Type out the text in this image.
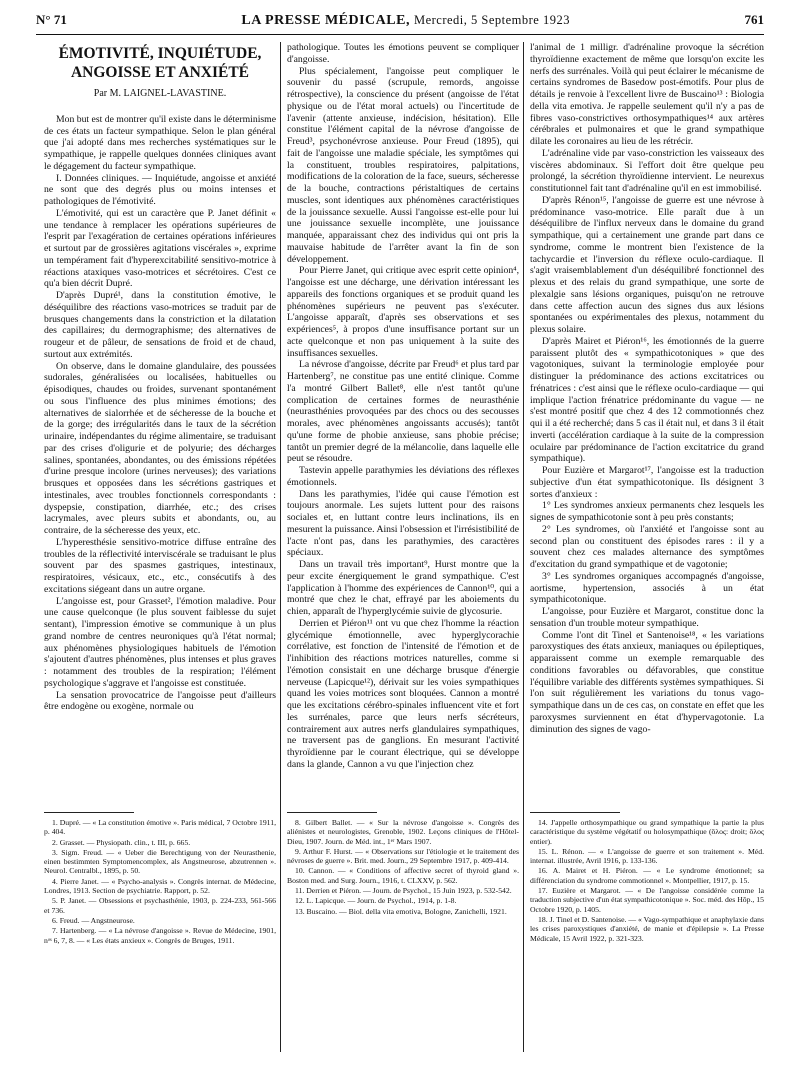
N° 71	LA PRESSE MÉDICALE, Mercredi, 5 Septembre 1923	761
ÉMOTIVITÉ, INQUIÉTUDE,
ANGOISSE ET ANXIÉTÉ
Par M. LAIGNEL-LAVASTINE.

Mon but est de montrer qu'il existe dans le déterminisme de ces états un facteur sympathique. Selon le plan général que j'ai adopté dans mes recherches systématiques sur le sympathique, je rappelle quelques données cliniques avant le dégagement du facteur sympathique.

I. Données cliniques. — Inquiétude, angoisse et anxiété ne sont que des degrés plus ou moins intenses et pathologiques de l'émotivité.

L'émotivité, qui est un caractère que P. Janet définit « une tendance à remplacer les opérations supérieures de l'esprit par l'exagération de certaines opérations inférieures et surtout par de grossières agitations viscérales », exprime un tempérament fait d'hyperexcitabilité sensitivo-motrice à réactions ataxiques vaso-motrices et sécrétoires. C'est ce qu'a bien décrit Dupré.

D'après Dupré¹, dans la constitution émotive, le déséquilibre des réactions vaso-motrices se traduit par de brusques changements dans la constriction et la dilatation des capillaires; du dermographisme; des alternatives de rougeur et de pâleur, de sensations de froid et de chaud, surtout aux extrémités.

On observe, dans le domaine glandulaire, des poussées sudorales, généralisées ou localisées, habituelles ou épisodiques, chaudes ou froides, survenant spontanément ou sous l'influence des plus minimes émotions; des alternatives de sialorrhée et de sécheresse de la bouche et de la gorge; des irrégularités dans le taux de la sécrétion urinaire, indépendantes du régime alimentaire, se traduisant par des crises d'oligurie et de polyurie; des décharges salines, spontanées, abondantes, ou des émissions répétées d'urine presque incolore (urines nerveuses); des variations brusques et opposées dans les sécrétions gastriques et intestinales, avec troubles fonctionnels correspondants : dyspepsie, constipation, diarrhée, etc.; des crises lacrymales, avec pleurs subits et abondants, ou, au contraire, de la sécheresse des yeux, etc.

L'hyperesthésie sensitivo-motrice diffuse entraîne des troubles de la réflectivité interviscérale se traduisant le plus souvent par des spasmes gastriques, intestinaux, respiratoires, vésicaux, etc., etc., consécutifs à des excitations siégeant dans un autre organe.

L'angoisse est, pour Grasset², l'émotion maladive. Pour une cause quelconque (le plus souvent faiblesse du sujet sentant), l'impression émotive se communique à un plus grand nombre de centres neuroniques qu'à l'état normal; aux phénomènes physiologiques habituels de l'émotion s'ajoutent d'autres phénomènes, plus intenses et plus graves : notamment des troubles de la respiration; l'élément psychologique s'aggrave et l'angoisse est constituée.

La sensation provocatrice de l'angoisse peut d'ailleurs être endogène ou exogène, normale ou

pathologique. Toutes les émotions peuvent se compliquer d'angoisse.

Plus spécialement, l'angoisse peut compliquer le souvenir du passé (scrupule, remords, angoisse rétrospective), la conscience du présent (angoisse de l'état physique ou de l'état moral actuels) ou l'incertitude de l'avenir (attente anxieuse, indécision, hésitation). Elle constitue l'élément capital de la névrose d'angoisse de Freud³, psychonévrose anxieuse. Pour Freud (1895), qui fait de l'angoisse une maladie spéciale, les symptômes qui la constituent, troubles respiratoires, palpitations, modifications de la coloration de la face, sueurs, sécheresse de la bouche, contractions péristaltiques de certains muscles, sont identiques aux phénomènes caractéristiques de la jouissance sexuelle. Aussi l'angoisse est-elle pour lui une jouissance sexuelle incomplète, une jouissance manquée, apparaissant chez des individus qui ont pris la mauvaise habitude de l'arrêter avant la fin de son développement.

Pour Pierre Janet, qui critique avec esprit cette opinion⁴, l'angoisse est une décharge, une dérivation intéressant les appareils des fonctions organiques et se produit quand les phénomènes supérieurs ne peuvent pas s'exécuter. L'angoisse apparaît, d'après ses observations et ses expériences⁵, à propos d'une insuffisance portant sur un acte quelconque et non pas uniquement à la suite des insuffisances sexuelles.

La névrose d'angoisse, décrite par Freud⁶ et plus tard par Hartenberg⁷, ne constitue pas une entité clinique. Comme l'a montré Gilbert Ballet⁸, elle n'est tantôt qu'une complication de certaines formes de neurasthénie (neurasthénies provoquées par des chocs ou des secousses morales, avec phénomènes angoissants accusés); tantôt qu'une forme de phobie anxieuse, sans phobie précise; tantôt un premier degré de la mélancolie, dans laquelle elle peut se résoudre.

Tastevin appelle parathymies les déviations des réflexes émotionnels.

Dans les parathymies, l'idée qui cause l'émotion est toujours anormale. Les sujets luttent pour des raisons sociales et, en luttant contre leurs inclinations, ils en mesurent la puissance. Ainsi l'obsession et l'irrésistibilité de l'acte n'ont pas, dans les parathymies, des caractères spéciaux.

Dans un travail très important⁹, Hurst montre que la peur excite énergiquement le grand sympathique. C'est l'application à l'homme des expériences de Cannon¹⁰, qui a montré que chez le chat, effrayé par les aboiements du chien, apparaît de l'hyperglycémie suivie de glycosurie.

Derrien et Piéron¹¹ ont vu que chez l'homme la réaction glycémique émotionnelle, avec hyperglycorachie corrélative, est fonction de l'intensité de l'émotion et de l'inhibition des réactions motrices naturelles, comme si l'émotion consistait en une décharge brusque d'énergie nerveuse (Lapicque¹²), dérivait sur les voies sympathiques quand les voies motrices sont bloquées. Cannon a montré que les excitations cérébro-spinales influencent vite et fort les surrénales, parce que leurs nerfs sécréteurs, contrairement aux autres nerfs glandulaires sympathiques, ne traversent pas de ganglions. En mesurant l'activité thyroïdienne par le courant électrique, qui se développe dans la glande, Cannon a vu que l'injection chez

l'animal de 1 milligr. d'adrénaline provoque la sécrétion thyroïdienne exactement de même que lorsqu'on excite les nerfs des surrénales. Voilà qui peut éclairer le mécanisme de certains syndromes de Basedow post-émotifs. Pour plus de détails je renvoie à l'excellent livre de Buscaino¹³ : Biologia della vita emotiva. Je rappelle seulement qu'il n'y a pas de fibres vaso-constrictives orthosympathiques¹⁴ aux artères cérébrales et pulmonaires et que le grand sympathique dilate les coronaires au lieu de les rétrécir.

L'adrénaline vide par vaso-constriction les vaisseaux des viscères abdominaux. Si l'effort doit être quelque peu prolongé, la sécrétion thyroïdienne intervient. Le neurexus constitutionnel fait tant d'adrénaline qu'il en est immobilisé.

D'après Rénon¹⁵, l'angoisse de guerre est une névrose à prédominance vaso-motrice. Elle paraît due à un déséquilibre de l'influx nerveux dans le domaine du grand sympathique, qui a certainement une grande part dans ce syndrome, comme le montrent bien l'existence de la tachycardie et l'inversion du réflexe oculo-cardiaque. Il s'agit vraisemblablement d'un déséquilibré fonctionnel des plexus et des relais du grand sympathique, une sorte de plexalgie sans lésions organiques, puisqu'on ne retrouve dans cette affection aucun des signes dus aux lésions spontanées ou expérimentales des plexus, notamment du plexus solaire.

D'après Mairet et Piéron¹⁶, les émotionnés de la guerre paraissent plutôt des « sympathicotoniques » que des vagotoniques, suivant la terminologie employée pour distinguer la prédominance des actions excitatrices ou frénatrices : c'est ainsi que le réflexe oculo-cardiaque — qui implique l'action frénatrice prédominante du vague — ne s'est montré positif que chez 4 des 12 commotionnés chez qui il a été recherché; dans 5 cas il était nul, et dans 3 il était inverti (accélération cardiaque à la suite de la compression oculaire par prédominance de l'action excitatrice du grand sympathique).

Pour Euzière et Margarot¹⁷, l'angoisse est la traduction subjective d'un état sympathicotonique. Ils désignent 3 sortes d'anxieux :

1° Les syndromes anxieux permanents chez lesquels les signes de sympathicotonie sont à peu près constants;

2° Les syndromes, où l'anxiété et l'angoisse sont au second plan ou constituent des épisodes rares : il y a souvent chez ces malades alternance des symptômes d'excitation du grand sympathique et de vagotonie;

3° Les syndromes organiques accompagnés d'angoisse, aortisme, hypertension, associés à un état sympathicotonique.

L'angoisse, pour Euzière et Margarot, constitue donc la sensation d'un trouble moteur sympathique.

Comme l'ont dit Tinel et Santenoise¹⁸, « les variations paroxystiques des états anxieux, maniaques ou épileptiques, apparaissent comme un exemple remarquable des conditions favorables ou défavorables, que constitue l'équilibre variable des différents systèmes sympathiques. Si l'on suit régulièrement les variations du tonus vago-sympathique dans un de ces cas, on constate en effet que les paroxysmes surviennent en état d'hypervagotonie. La diminution des signes de vago-

1. Dupré. — « La constitution émotive ». Paris médical, 7 Octobre 1911, p. 404.

2. Grasset. — Physiopath. clin., t. III, p. 665.

3. Sigm. Freud. — « Ueber die Berechtigung von der Neurasthenie, einen bestimmten Symptomencomplex, als Angstneurose, abzutrennen ». Neurol. Centralbl., 1895, p. 50.

4. Pierre Janet. — « Psycho-analysis ». Congrès internat. de Médecine, Londres, 1913. Section de psychiatrie. Rapport, p. 52.

5. P. Janet. — Obsessions et psychasthénie, 1903, p. 224-233, 561-566 et 736.

6. Freud. — Angstneurose.

7. Hartenberg. — « La névrose d'angoisse ». Revue de Médecine, 1901, nᵒˢ 6, 7, 8. — « Les états anxieux ». Congrès de Bruges, 1911.

8. Gilbert Ballet. — « Sur la névrose d'angoisse ». Congrès des aliénistes et neurologistes, Grenoble, 1902. Leçons cliniques de l'Hôtel-Dieu, 1907. Journ. de Méd. int., 1ᵉʳ Mars 1907.

9. Arthur F. Hurst. — « Observations sur l'étiologie et le traitement des névroses de guerre ». Brit. med. Journ., 29 Septembre 1917, p. 409-414.

10. Cannon. — « Conditions of affective secret of thyroid gland ». Boston med. and Surg. Journ., 1916, t. CLXXV, p. 562.

11. Derrien et Piéron. — Journ. de Psychol., 15 Juin 1923, p. 532-542.

12. L. Lapicque. — Journ. de Psychol., 1914, p. 1-8.

13. Buscaino. — Biol. della vita emotiva, Bologne, Zanichelli, 1921.

14. J'appelle orthosympathique ou grand sympathique la partie la plus caractéristique du système végétatif ou holosympathique (ὅλος: droit; ὅλος entier).

15. L. Rénon. — « L'angoisse de guerre et son traitement ». Méd. internat. illustrée, Avril 1916, p. 133-136.

16. A. Mairet et H. Piéron. — « Le syndrome émotionnel; sa différenciation du syndrome commotionnel ». Montpellier, 1917, p. 15.

17. Euzière et Margarot. — « De l'angoisse considérée comme la traduction subjective d'un état sympathicotonique ». Soc. méd. des Hôp., 15 Octobre 1920, p. 1405.

18. J. Tinel et D. Santenoise. — « Vago-sympathique et anaphylaxie dans les crises paroxystiques d'anxiété, de manie et d'épilepsie ». La Presse Médicale, 15 Avril 1922, p. 321-323.
